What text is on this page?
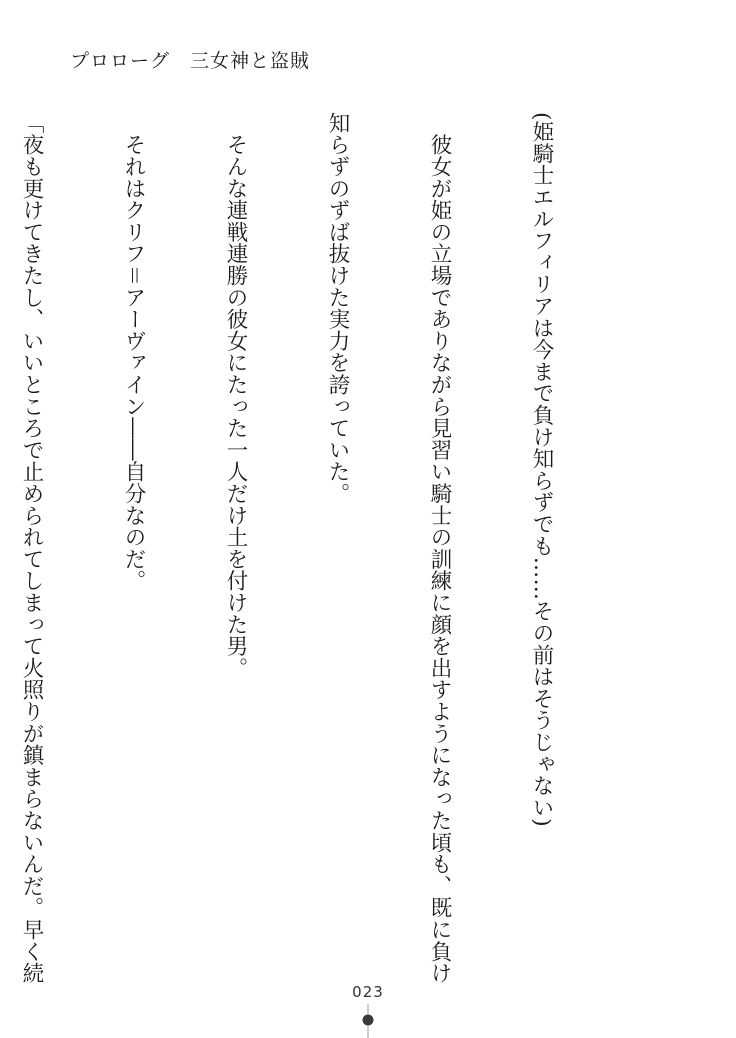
プロローグ　三女神と盗賊

(姫騎士エルフィリアは今まで負け知らずでも……その前はそうじゃない)

　彼女が姫の立場でありながら見習い騎士の訓練に顔を出すようになった頃も、既に負け

知らずのずば抜けた実力を誇っていた。

　そんな連戦連勝の彼女にたった一人だけ土を付けた男。

　それはクリフ＝アーヴァイン――自分なのだ。

「夜も更けてきたし、いいところで止められてしまって火照りが鎮まらないんだ。早く続

023
